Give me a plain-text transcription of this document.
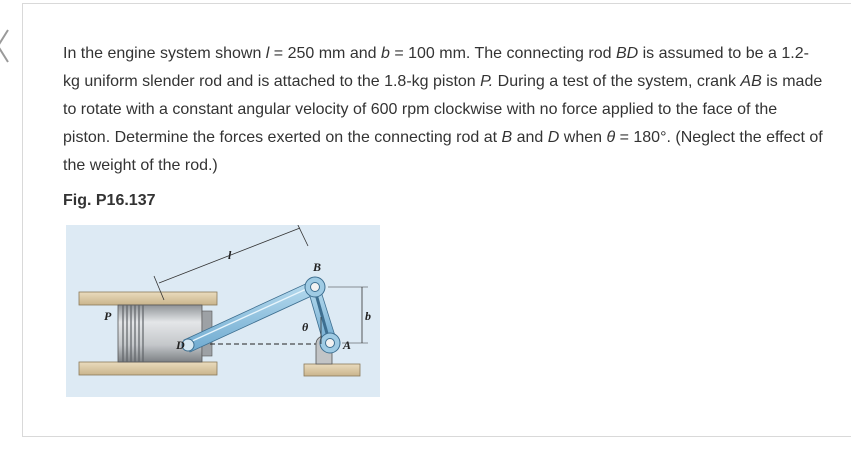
In the engine system shown l = 250 mm and b = 100 mm. The connecting rod BD is assumed to be a 1.2-kg uniform slender rod and is attached to the 1.8-kg piston P. During a test of the system, crank AB is made to rotate with a constant angular velocity of 600 rpm clockwise with no force applied to the face of the piston. Determine the forces exerted on the connecting rod at B and D when θ = 180°. (Neglect the effect of the weight of the rod.)

Fig. P16.137

l
b
θ
B
P
D	A
